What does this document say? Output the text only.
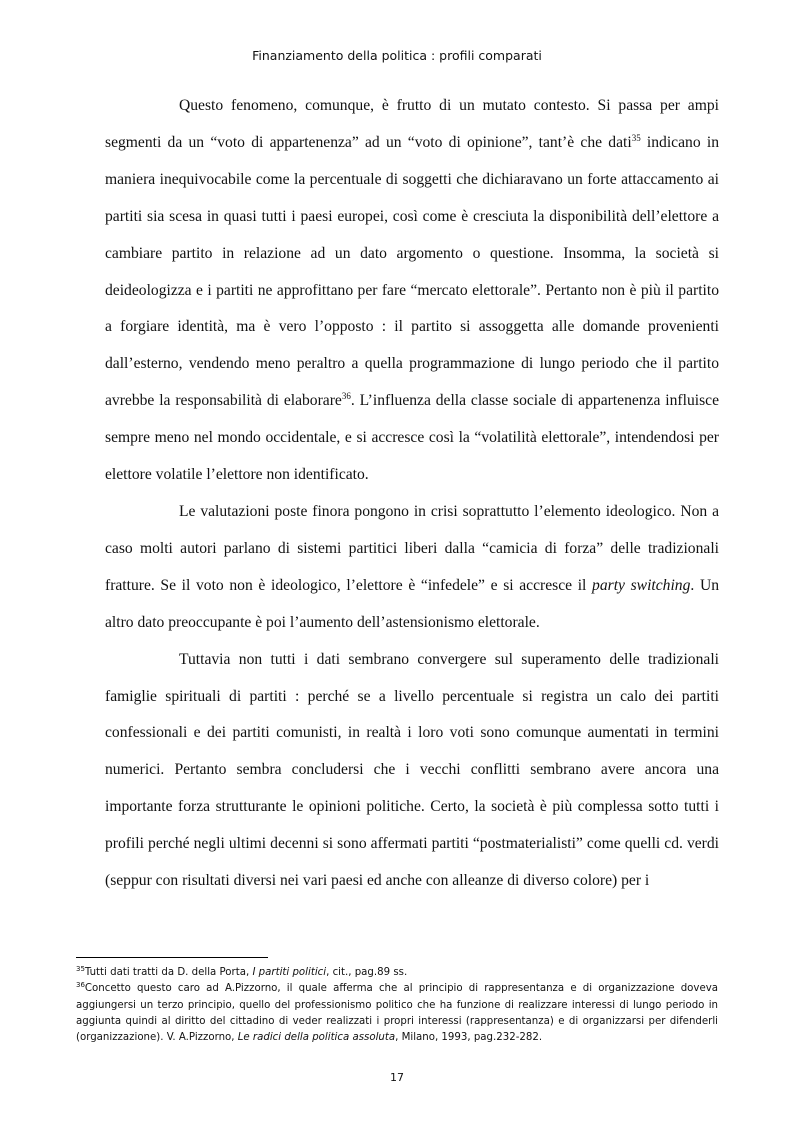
Finanziamento della politica : profili comparati

Questo fenomeno, comunque, è frutto di un mutato contesto. Si passa per ampi segmenti da un “voto di appartenenza” ad un “voto di opinione”, tant’è che dati$^{35}$ indicano in maniera inequivocabile come la percentuale di soggetti che dichiaravano un forte attaccamento ai partiti sia scesa in quasi tutti i paesi europei, così come è cresciuta la disponibilità dell’elettore a cambiare partito in relazione ad un dato argomento o questione. Insomma, la società si deideologizza e i partiti ne approfittano per fare “mercato elettorale”. Pertanto non è più il partito a forgiare identità, ma è vero l’opposto : il partito si assoggetta alle domande provenienti dall’esterno, vendendo meno peraltro a quella programmazione di lungo periodo che il partito avrebbe la responsabilità di elaborare$^{36}$. L’influenza della classe sociale di appartenenza influisce sempre meno nel mondo occidentale, e si accresce così la “volatilità elettorale”, intendendosi per elettore volatile l’elettore non identificato.

Le valutazioni poste finora pongono in crisi soprattutto l’elemento ideologico. Non a caso molti autori parlano di sistemi partitici liberi dalla “camicia di forza” delle tradizionali fratture. Se il voto non è ideologico, l’elettore è “infedele” e si accresce il party switching. Un altro dato preoccupante è poi l’aumento dell’astensionismo elettorale.

Tuttavia non tutti i dati sembrano convergere sul superamento delle tradizionali famiglie spirituali di partiti : perché se a livello percentuale si registra un calo dei partiti confessionali e dei partiti comunisti, in realtà i loro voti sono comunque aumentati in termini numerici. Pertanto sembra concludersi che i vecchi conflitti sembrano avere ancora una importante forza strutturante le opinioni politiche. Certo, la società è più complessa sotto tutti i profili perché negli ultimi decenni si sono affermati partiti “postmaterialisti” come quelli cd. verdi (seppur con risultati diversi nei vari paesi ed anche con alleanze di diverso colore) per i

$^{35}$Tutti dati tratti da D. della Porta, I partiti politici, cit., pag.89 ss.

$^{36}$Concetto questo caro ad A.Pizzorno, il quale afferma che al principio di rappresentanza e di organizzazione doveva aggiungersi un terzo principio, quello del professionismo politico che ha funzione di realizzare interessi di lungo periodo in aggiunta quindi al diritto del cittadino di veder realizzati i propri interessi (rappresentanza) e di organizzarsi per difenderli (organizzazione). V. A.Pizzorno, Le radici della politica assoluta, Milano, 1993, pag.232-282.

17
